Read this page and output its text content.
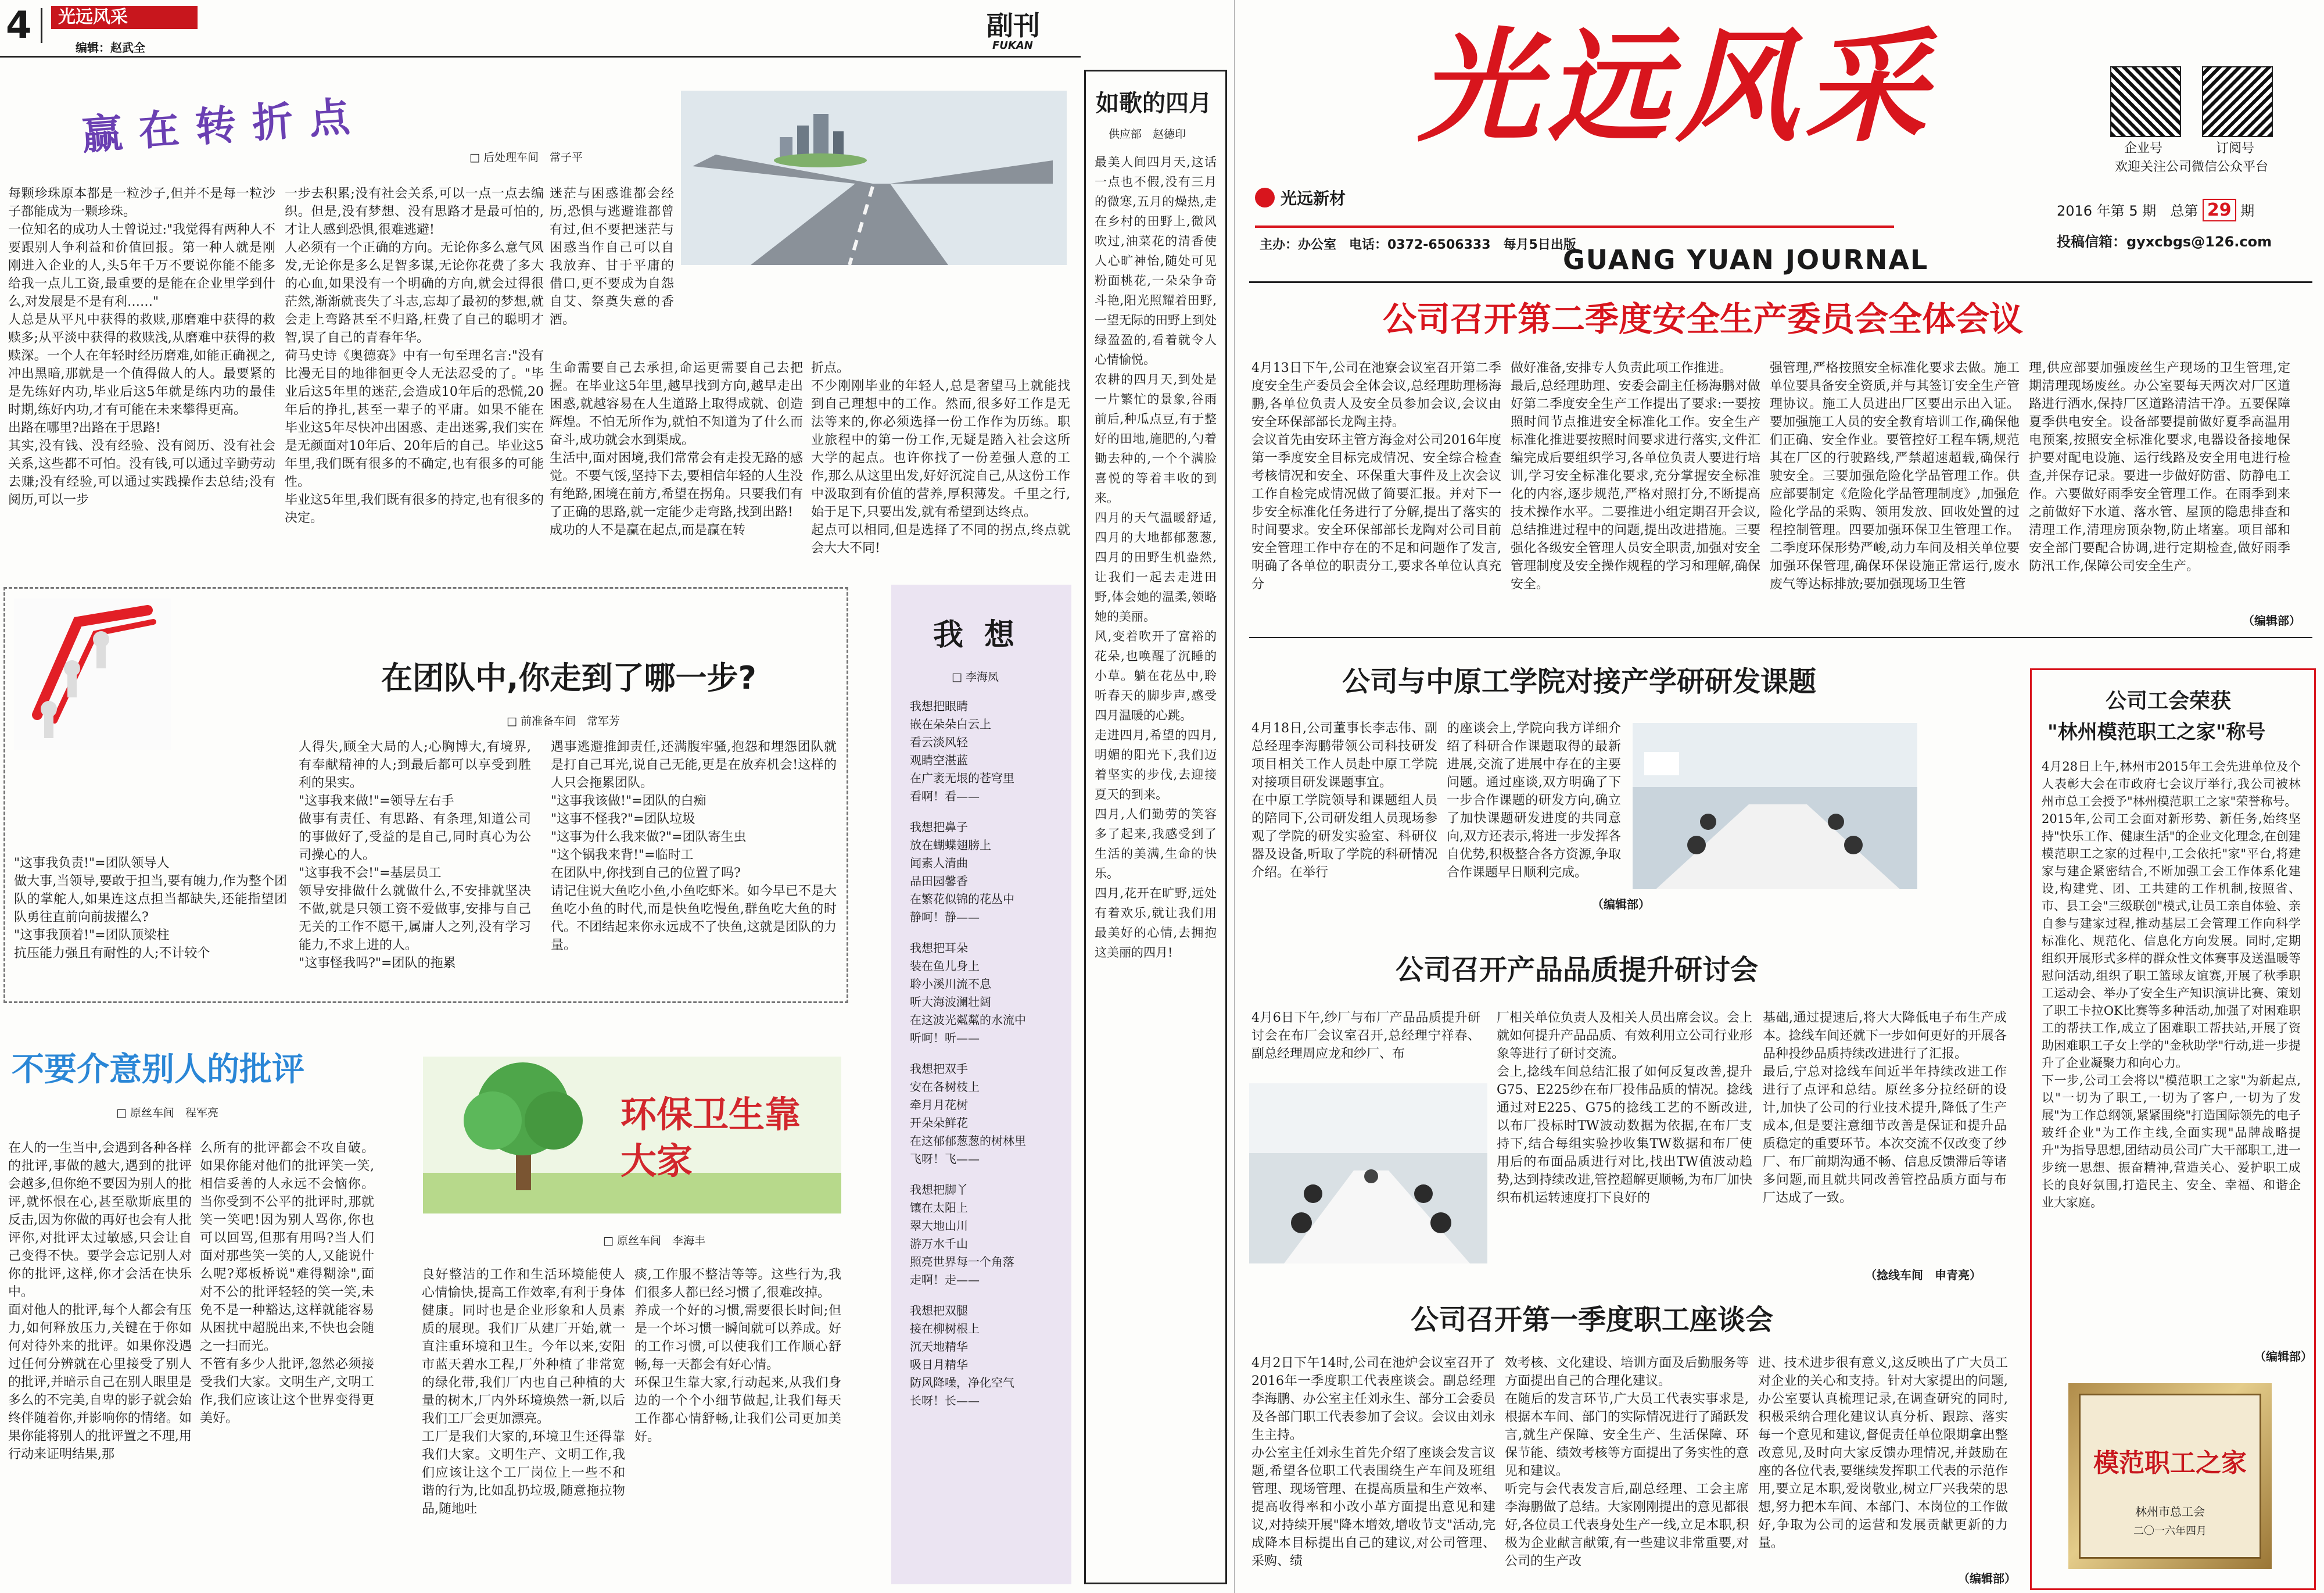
4	光远风采
编辑：赵武全
副刊
FUKAN
赢在转折点	□ 后处理车间　常子平
每颗珍珠原本都是一粒沙子,但并不是每一粒沙子都能成为一颗珍珠。
一位知名的成功人士曾说过:"我觉得有两种人不要跟别人争利益和价值回报。第一种人就是刚刚进入企业的人,头5年千万不要说你能不能多给我一点儿工资,最重要的是能在企业里学到什么,对发展是不是有利……"
人总是从平凡中获得的救赎,那磨难中获得的救赎多;从平淡中获得的救赎浅,从磨难中获得的救赎深。一个人在年轻时经历磨难,如能正确视之,冲出黑暗,那就是一个值得做人的人。最要紧的是先练好内功,毕业后这5年就是练内功的最佳时期,练好内功,才有可能在未来攀得更高。
出路在哪里?出路在于思路!
其实,没有钱、没有经验、没有阅历、没有社会关系,这些都不可怕。没有钱,可以通过辛勤劳动去赚;没有经验,可以通过实践操作去总结;没有阅历,可以一步
一步去积累;没有社会关系,可以一点一点去编织。但是,没有梦想、没有思路才是最可怕的,才让人感到恐惧,很难逃避!
人必须有一个正确的方向。无论你多么意气风发,无论你是多么足智多谋,无论你花费了多大的心血,如果没有一个明确的方向,就会过得很茫然,渐渐就丧失了斗志,忘却了最初的梦想,就会走上弯路甚至不归路,枉费了自己的聪明才智,误了自己的青春年华。
荷马史诗《奥德赛》中有一句至理名言:"没有比漫无目的地徘徊更令人无法忍受的了。"毕业后这5年里的迷茫,会造成10年后的恐慌,20年后的挣扎,甚至一辈子的平庸。如果不能在毕业这5年尽快冲出困惑、走出迷雾,我们实在是无颜面对10年后、20年后的自己。毕业这5年里,我们既有很多的不确定,也有很多的可能性。
毕业这5年里,我们既有很多的持定,也有很多的决定。
迷茫与困惑谁都会经历,恐惧与逃避谁都曾有过,但不要把迷茫与困惑当作自己可以自我放弃、甘于平庸的借口,更不要成为自怨自艾、祭奠失意的香酒。
生命需要自己去承担,命运更需要自己去把握。在毕业这5年里,越早找到方向,越早走出困惑,就越容易在人生道路上取得成就、创造辉煌。不怕无所作为,就怕不知道为了什么而奋斗,成功就会水到渠成。
生活中,面对困境,我们常常会有走投无路的感觉。不要气馁,坚持下去,要相信年轻的人生没有绝路,困境在前方,希望在拐角。只要我们有了正确的思路,就一定能少走弯路,找到出路!
成功的人不是赢在起点,而是赢在转
折点。
不少刚刚毕业的年轻人,总是奢望马上就能找到自己理想中的工作。然而,很多好工作是无法等来的,你必须选择一份工作作为历练。职业旅程中的第一份工作,无疑是踏入社会这所大学的起点。也许你找了一份差强人意的工作,那么从这里出发,好好沉淀自己,从这份工作中汲取到有价值的营养,厚积薄发。千里之行,始于足下,只要出发,就有希望到达终点。
起点可以相同,但是选择了不同的拐点,终点就会大大不同!
在团队中,你走到了哪一步?
□ 前准备车间　常军芳
人得失,顾全大局的人;心胸博大,有境界,有奉献精神的人;到最后都可以享受到胜利的果实。
"这事我来做!"=领导左右手
做事有责任、有思路、有条理,知道公司的事做好了,受益的是自己,同时真心为公司操心的人。
"这事我不会!"=基层员工
领导安排做什么就做什么,不安排就坚决不做,就是只领工资不爱做事,安排与自己无关的工作不愿干,属庸人之列,没有学习能力,不求上进的人。
"这事怪我吗?"=团队的拖累
遇事逃避推卸责任,还满腹牢骚,抱怨和埋怨团队就是打自己耳光,说自己无能,更是在放弃机会!这样的人只会拖累团队。
"这事我该做!"=团队的白痴
"这事不怪我?"=团队垃圾
"这事为什么我来做?"=团队寄生虫
"这个锅我来背!"=临时工
在团队中,你找到自己的位置了吗?
请记住说大鱼吃小鱼,小鱼吃虾米。如今早已不是大鱼吃小鱼的时代,而是快鱼吃慢鱼,群鱼吃大鱼的时代。不团结起来你永远成不了快鱼,这就是团队的力量。
"这事我负责!"=团队领导人
做大事,当领导,要敢于担当,要有魄力,作为整个团队的掌舵人,如果连这点担当都缺失,还能指望团队勇往直前向前拔擢么?
"这事我顶着!"=团队顶梁柱
抗压能力强且有耐性的人;不计较个
我想
□ 李海凤
我想把眼睛
嵌在朵朵白云上
看云淡风轻
观睛空湛蓝
在广袤无垠的苍穹里
看啊！看——
我想把鼻子
放在蝴蝶翅膀上
闻素人清曲
品田园馨香
在繁花似锦的花丛中
静呵！静——
我想把耳朵
装在鱼儿身上
聆小溪川流不息
听大海波澜壮阔
在这波光粼粼的水流中
听呵！听——
我想把双手
安在各树枝上
牵月月花树
开朵朵鲜花
在这郁郁葱葱的树林里
飞呀！飞——
我想把脚丫
镶在太阳上
翠大地山川
游万水千山
照亮世界每一个角落
走啊！走——
我想把双腿
接在柳树根上
沉天地精华
吸日月精华
防风降噪，净化空气
长呀！长——
不要介意别人的批评
□ 原丝车间　程军亮
在人的一生当中,会遇到各种各样的批评,事做的越大,遇到的批评会越多,但你绝不要因为别人的批评,就怀恨在心,甚至歇斯底里的反击,因为你做的再好也会有人批评你,对批评太过敏感,只会让自己变得不快。要学会忘记别人对你的批评,这样,你才会活在快乐中。
面对他人的批评,每个人都会有压力,如何释放压力,关键在于你如何对待外来的批评。如果你没遇过任何分辨就在心里接受了别人的批评,并暗示自己在别人眼里是多么的不完美,自卑的影子就会始终伴随着你,并影响你的情绪。如果你能将别人的批评置之不理,用行动来证明结果,那
么所有的批评都会不攻自破。如果你能对他们的批评笑一笑,相信妥善的人永远不会恼你。当你受到不公平的批评时,那就笑一笑吧!因为别人骂你,你也可以回骂,但那有用吗?当人们面对那些笑一笑的人,又能说什么呢?郑板桥说"难得糊涂",面对不公的批评轻轻的笑一笑,未免不是一种豁达,这样就能容易从困扰中超脱出来,不快也会随之一扫而光。
不管有多少人批评,忽然必须接受我们大家。文明生产,文明工作,我们应该让这个世界变得更美好。
环保卫生靠大家
□ 原丝车间　李海丰
良好整洁的工作和生活环境能使人心情愉快,提高工作效率,有利于身体健康。同时也是企业形象和人员素质的展现。我们厂从建厂开始,就一直注重环境和卫生。今年以来,安阳市蓝天碧水工程,厂外种植了非常宽的绿化带,我们厂内也自己种植的大量的树木,厂内外环境焕然一新,以后我们工厂会更加漂亮。
工厂是我们大家的,环境卫生还得靠我们大家。文明生产、文明工作,我们应该让这个工厂岗位上一些不和谐的行为,比如乱扔垃圾,随意拖拉物品,随地吐
痰,工作服不整洁等等。这些行为,我们很多人都已经习惯了,很难改掉。
养成一个好的习惯,需要很长时间;但是一个坏习惯一瞬间就可以养成。好的工作习惯,可以使我们工作顺心舒畅,每一天都会有好心情。
环保卫生靠大家,行动起来,从我们身边的一个个小细节做起,让我们每天工作都心情舒畅,让我们公司更加美好。
如歌的四月
供应部　赵德印
最美人间四月天,这话一点也不假,没有三月的微寒,五月的燥热,走在乡村的田野上,微风吹过,油菜花的清香使人心旷神怡,随处可见粉面桃花,一朵朵争奇斗艳,阳光照耀着田野,一望无际的田野上到处绿盈盈的,看着就令人心情愉悦。
农耕的四月天,到处是一片繁忙的景象,谷雨前后,种瓜点豆,有于整好的田地,施肥的,勺着锄去种的,一个个满脸喜悦的等着丰收的到来。
四月的天气温暖舒适,四月的大地都郁葱葱,四月的田野生机盎然,让我们一起去走进田野,体会她的温柔,领略她的美丽。
风,变着吹开了富裕的花朵,也唤醒了沉睡的小草。躺在花丛中,聆听春天的脚步声,感受四月温暖的心跳。
走进四月,希望的四月,明媚的阳光下,我们迈着坚实的步伐,去迎接夏天的到来。
四月,人们勤劳的笑容多了起来,我感受到了生活的美满,生命的快乐。
四月,花开在旷野,远处有着欢乐,就让我们用最美好的心情,去拥抱这美丽的四月!
光远风采
光远新材
主办：办公室　电话：0372-6506333　每月5日出版
GUANG YUAN JOURNAL
企业号	订阅号
欢迎关注公司微信公众平台
2016 年第 5 期　总第 29 期
投稿信箱：gyxcbgs@126.com
公司召开第二季度安全生产委员会全体会议
4月13日下午,公司在池寮会议室召开第二季度安全生产委员会全体会议,总经理助理杨海鹏,各单位负责人及安全员参加会议,会议由安全环保部部长龙陶主持。
会议首先由安环主管方海金对公司2016年度第一季度安全目标完成情况、安全综合检查考核情况和安全、环保重大事件及上次会议工作自检完成情况做了简要汇报。并对下一步安全标准化任务进行了分解,提出了落实的时间要求。安全环保部部长龙陶对公司目前安全管理工作中存在的不足和问题作了发言,明确了各单位的职责分工,要求各单位认真充分
做好准备,安排专人负责此项工作推进。
最后,总经理助理、安委会副主任杨海鹏对做好第二季度安全生产工作提出了要求:一要按照时间节点推进安全标准化工作。安全生产标准化推进要按照时间要求进行落实,文件汇编完成后要组织学习,各单位负责人要进行培训,学习安全标准化要求,充分掌握安全标准化的内容,逐步规范,严格对照打分,不断提高技术操作水平。二要推进小组定期召开会议,总结推进过程中的问题,提出改进措施。三要强化各级安全管理人员安全职责,加强对安全管理制度及安全操作规程的学习和理解,确保安全。
强管理,严格按照安全标准化要求去做。施工单位要具备安全资质,并与其签订安全生产管理协议。施工人员进出厂区要出示出入证。要加强施工人员的安全教育培训工作,确保他们正确、安全作业。要管控好工程车辆,规范其在厂区的行驶路线,严禁超速超载,确保行驶安全。三要加强危险化学品管理工作。供应部要制定《危险化学品管理制度》,加强危险化学品的采购、领用发放、回收处置的过程控制管理。四要加强环保卫生管理工作。二季度环保形势严峻,动力车间及相关单位要加强环保管理,确保环保设施正常运行,废水废气等达标排放;要加强现场卫生管
理,供应部要加强废丝生产现场的卫生管理,定期清理现场废丝。办公室要每天两次对厂区道路进行洒水,保持厂区道路清洁干净。五要保障夏季供电安全。设备部要提前做好夏季高温用电预案,按照安全标准化要求,电器设备接地保护要对配电设施、运行线路及安全用电进行检查,并保存记录。要进一步做好防雷、防静电工作。六要做好雨季安全管理工作。在雨季到来之前做好下水道、落水管、屋顶的隐患排查和清理工作,清理房顶杂物,防止堵塞。项目部和安全部门要配合协调,进行定期检查,做好雨季防汛工作,保障公司安全生产。
（编辑部）
公司与中原工学院对接产学研研发课题
4月18日,公司董事长李志伟、副总经理李海鹏带领公司科技研发项目相关工作人员赴中原工学院对接项目研发课题事宜。
在中原工学院领导和课题组人员的陪同下,公司研发组人员现场参观了学院的研发实验室、科研仪器及设备,听取了学院的科研情况介绍。在举行
的座谈会上,学院向我方详细介绍了科研合作课题取得的最新进展,交流了进展中存在的主要问题。通过座谈,双方明确了下一步合作课题的研发方向,确立了加快课题研发进度的共同意向,双方还表示,将进一步发挥各自优势,积极整合各方资源,争取合作课题早日顺利完成。
（编辑部）
公司召开产品品质提升研讨会
4月6日下午,纱厂与布厂产品品质提升研讨会在布厂会议室召开,总经理宁祥春、副总经理周应龙和纱厂、布
厂相关单位负责人及相关人员出席会议。会上就如何提升产品品质、有效利用立公司行业形象等进行了研讨交流。
会上,捻线车间总结汇报了如何反复改善,提升G75、E225纱在布厂投伟品质的情况。捻线通过对E225、G75的捻线工艺的不断改进,以布厂投标时TW波动数据为依据,在布厂支持下,结合每组实验抄收集TW数据和布厂使用后的布面品质进行对比,找出TW值波动趋势,达到持续改进,管控超解更顺畅,为布厂加快织布机运转速度打下良好的
基础,通过提速后,将大大降低电子布生产成本。捻线车间还就下一步如何更好的开展各品种投纱品质持续改进进行了汇报。
最后,宁总对捻线车间近半年持续改进工作进行了点评和总结。原丝多分拉经研的设计,加快了公司的行业技术提升,降低了生产成本,但是要注意细节改善是保证和提升品质稳定的重要环节。本次交流不仅改变了纱厂、布厂前期沟通不畅、信息反馈滞后等诸多问题,而且就共同改善管控品质方面与布厂达成了一致。
（捻线车间　申青亮）
公司召开第一季度职工座谈会
4月2日下午14时,公司在池炉会议室召开了2016年一季度职工代表座谈会。副总经理李海鹏、办公室主任刘永生、部分工会委员及各部门职工代表参加了会议。会议由刘永生主持。
办公室主任刘永生首先介绍了座谈会发言议题,希望各位职工代表围绕生产车间及班组管理、现场管理、在提高质量和生产效率、提高收得率和小改小革方面提出意见和建议,对持续开展"降本增效,增收节支"活动,完成降本目标提出自己的建议,对公司管理、采购、绩
效考核、文化建设、培训方面及后勤服务等方面提出自己的合理化建议。
在随后的发言环节,广大员工代表实事求是,根据本车间、部门的实际情况进行了踊跃发言,就生产保障、安全生产、生活保障、环保节能、绩效考核等方面提出了务实性的意见和建议。
听完与会代表发言后,副总经理、工会主席李海鹏做了总结。大家刚刚提出的意见都很好,各位员工代表身处生产一线,立足本职,积极为企业献言献策,有一些建议非常重要,对公司的生产改
进、技术进步很有意义,这反映出了广大员工对企业的关心和支持。针对大家提出的问题,办公室要认真梳理记录,在调查研究的同时,积极采纳合理化建议认真分析、跟踪、落实每一个意见和建议,督促责任单位限期拿出整改意见,及时向大家反馈办理情况,并鼓励在座的各位代表,要继续发挥职工代表的示范作用,要立足本职,爱岗敬业,树立厂兴我荣的思想,努力把本车间、本部门、本岗位的工作做好,争取为公司的运营和发展贡献更新的力量。
（编辑部）
公司工会荣获
"林州模范职工之家"称号
4月28日上午,林州市2015年工会先进单位及个人表彰大会在市政府七会议厅举行,我公司被林州市总工会授予"林州模范职工之家"荣誉称号。
2015年,公司工会面对新形势、新任务,始终坚持"快乐工作、健康生活"的企业文化理念,在创建模范职工之家的过程中,工会依托"家"平台,将建家与建企紧密结合,不断加强工会工作体系化建设,构建党、团、工共建的工作机制,按照省、市、县工会"三级联创"模式,让员工亲自体验、亲自参与建家过程,推动基层工会管理工作向科学标准化、规范化、信息化方向发展。同时,定期组织开展形式多样的群众性文体赛事及送温暖等慰问活动,组织了职工篮球友谊赛,开展了秋季职工运动会、举办了安全生产知识演讲比赛、策划了职工卡拉OK比赛等多种活动,加强了对困难职工的帮扶工作,成立了困难职工帮扶站,开展了资助困难职工子女上学的"金秋助学"行动,进一步提升了企业凝聚力和向心力。
下一步,公司工会将以"模范职工之家"为新起点,以"一切为了职工,一切为了客户,一切为了发展"为工作总纲领,紧紧围绕"打造国际领先的电子玻纤企业"为工作主线,全面实现"品牌战略提升"为指导思想,团结动员公司广大干部职工,进一步统一思想、振奋精神,营造关心、爱护职工成长的良好氛围,打造民主、安全、幸福、和谐企业大家庭。
（编辑部）
模范职工之家
林州市总工会
二〇一六年四月
